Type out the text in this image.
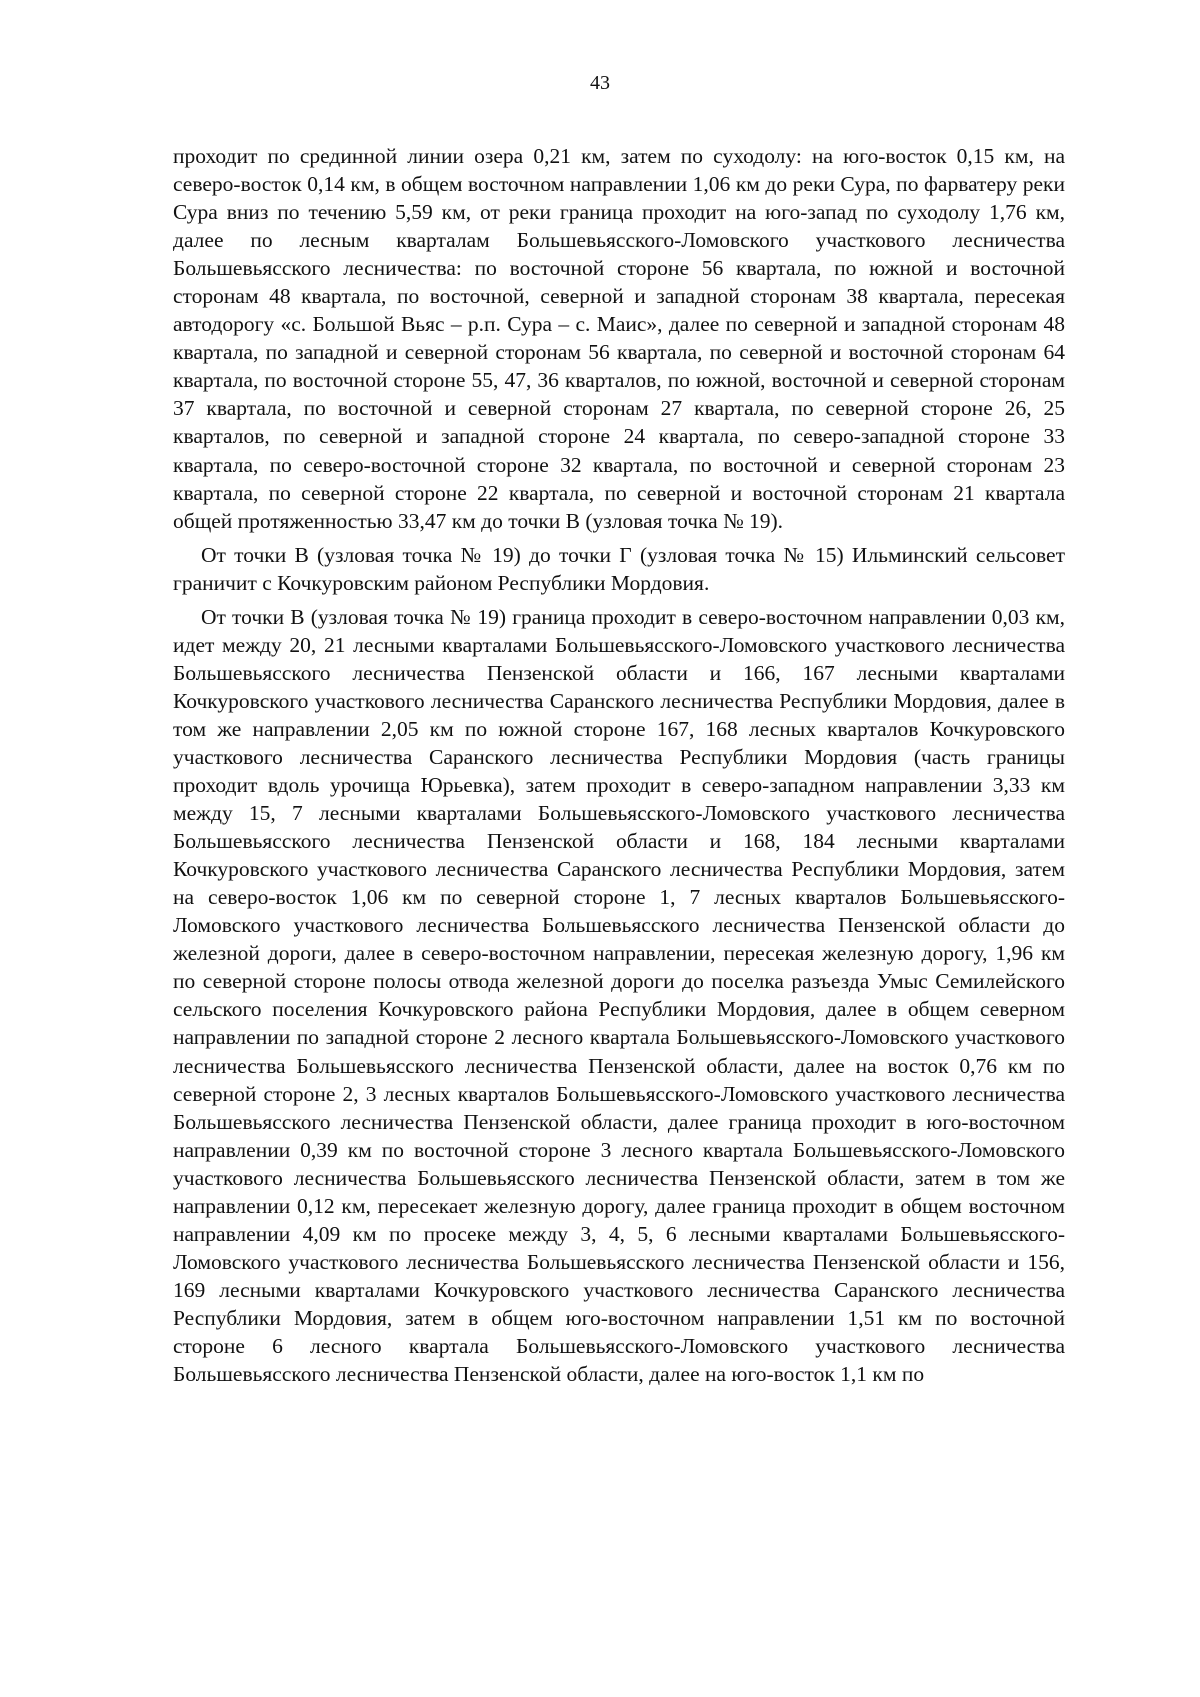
43

проходит по срединной линии озера 0,21 км, затем по суходолу: на юго-восток 0,15 км, на северо-восток 0,14 км, в общем восточном направлении 1,06 км до реки Сура, по фарватеру реки Сура вниз по течению 5,59 км, от реки граница проходит на юго-запад по суходолу 1,76 км, далее по лесным кварталам Большевьясского-Ломовского участкового лесничества Большевьясского лесничества: по восточной стороне 56 квартала, по южной и восточной сторонам 48 квартала, по восточной, северной и западной сторонам 38 квартала, пересекая автодорогу «с. Большой Вьяс – р.п. Сура – с. Маис», далее по северной и западной сторонам 48 квартала, по западной и северной сторонам 56 квартала, по северной и восточной сторонам 64 квартала, по восточной стороне 55, 47, 36 кварталов, по южной, восточной и северной сторонам 37 квартала, по восточной и северной сторонам 27 квартала, по северной стороне 26, 25 кварталов, по северной и западной стороне 24 квартала, по северо-западной стороне 33 квартала, по северо-восточной стороне 32 квартала, по восточной и северной сторонам 23 квартала, по северной стороне 22 квартала, по северной и восточной сторонам 21 квартала общей протяженностью 33,47 км до точки В (узловая точка № 19).

От точки В (узловая точка № 19) до точки Г (узловая точка № 15) Ильминский сельсовет граничит с Кочкуровским районом Республики Мордовия.

От точки В (узловая точка № 19) граница проходит в северо-восточном направлении 0,03 км, идет между 20, 21 лесными кварталами Большевьясского-Ломовского участкового лесничества Большевьясского лесничества Пензенской области и 166, 167 лесными кварталами Кочкуровского участкового лесничества Саранского лесничества Республики Мордовия, далее в том же направлении 2,05 км по южной стороне 167, 168 лесных кварталов Кочкуровского участкового лесничества Саранского лесничества Республики Мордовия (часть границы проходит вдоль урочища Юрьевка), затем проходит в северо-западном направлении 3,33 км между 15, 7 лесными кварталами Большевьясского-Ломовского участкового лесничества Большевьясского лесничества Пензенской области и 168, 184 лесными кварталами Кочкуровского участкового лесничества Саранского лесничества Республики Мордовия, затем на северо-восток 1,06 км по северной стороне 1, 7 лесных кварталов Большевьясского-Ломовского участкового лесничества Большевьясского лесничества Пензенской области до железной дороги, далее в северо-восточном направлении, пересекая железную дорогу, 1,96 км по северной стороне полосы отвода железной дороги до поселка разъезда Умыс Семилейского сельского поселения Кочкуровского района Республики Мордовия, далее в общем северном направлении по западной стороне 2 лесного квартала Большевьясского-Ломовского участкового лесничества Большевьясского лесничества Пензенской области, далее на восток 0,76 км по северной стороне 2, 3 лесных кварталов Большевьясского-Ломовского участкового лесничества Большевьясского лесничества Пензенской области, далее граница проходит в юго-восточном направлении 0,39 км по восточной стороне 3 лесного квартала Большевьясского-Ломовского участкового лесничества Большевьясского лесничества Пензенской области, затем в том же направлении 0,12 км, пересекает железную дорогу, далее граница проходит в общем восточном направлении 4,09 км по просеке между 3, 4, 5, 6 лесными кварталами Большевьясского-Ломовского участкового лесничества Большевьясского лесничества Пензенской области и 156, 169 лесными кварталами Кочкуровского участкового лесничества Саранского лесничества Республики Мордовия, затем в общем юго-восточном направлении 1,51 км по восточной стороне 6 лесного квартала Большевьясского-Ломовского участкового лесничества Большевьясского лесничества Пензенской области, далее на юго-восток 1,1 км по
